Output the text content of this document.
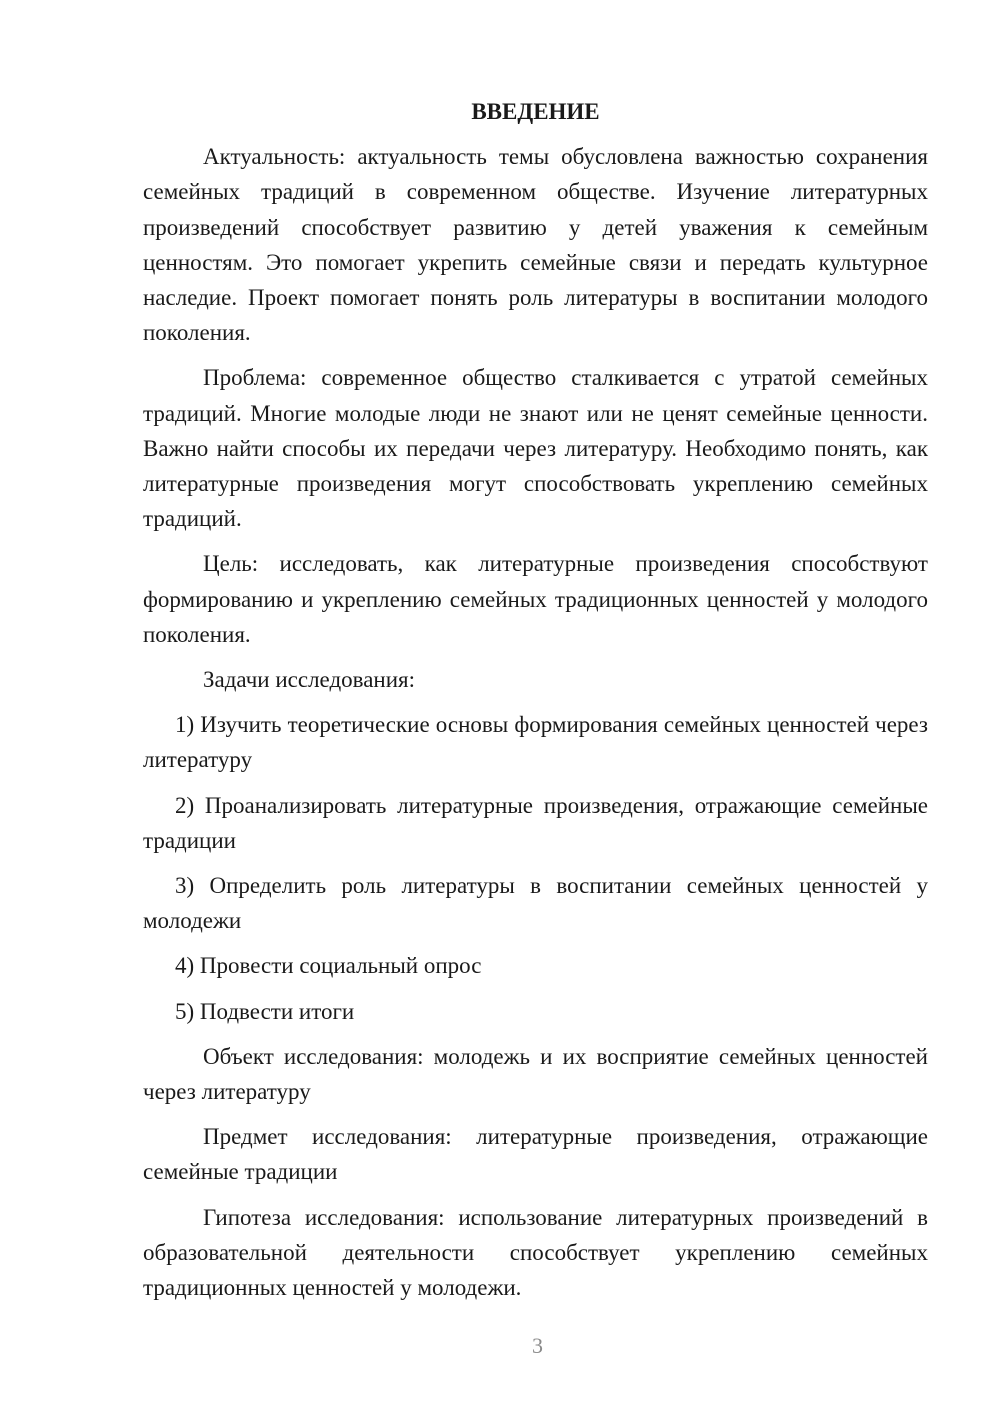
ВВЕДЕНИЕ

Актуальность: актуальность темы обусловлена важностью сохранения семейных традиций в современном обществе. Изучение литературных произведений способствует развитию у детей уважения к семейным ценностям. Это помогает укрепить семейные связи и передать культурное наследие. Проект помогает понять роль литературы в воспитании молодого поколения.

Проблема: современное общество сталкивается с утратой семейных традиций. Многие молодые люди не знают или не ценят семейные ценности. Важно найти способы их передачи через литературу. Необходимо понять, как литературные произведения могут способствовать укреплению семейных традиций.

Цель: исследовать, как литературные произведения способствуют формированию и укреплению семейных традиционных ценностей у молодого поколения.

Задачи исследования:

1) Изучить теоретические основы формирования семейных ценностей через литературу

2) Проанализировать литературные произведения, отражающие семейные традиции

3) Определить роль литературы в воспитании семейных ценностей у молодежи

4) Провести социальный опрос

5) Подвести итоги

Объект исследования: молодежь и их восприятие семейных ценностей через литературу

Предмет исследования: литературные произведения, отражающие семейные традиции

Гипотеза исследования: использование литературных произведений в образовательной деятельности способствует укреплению семейных традиционных ценностей у молодежи.

3
